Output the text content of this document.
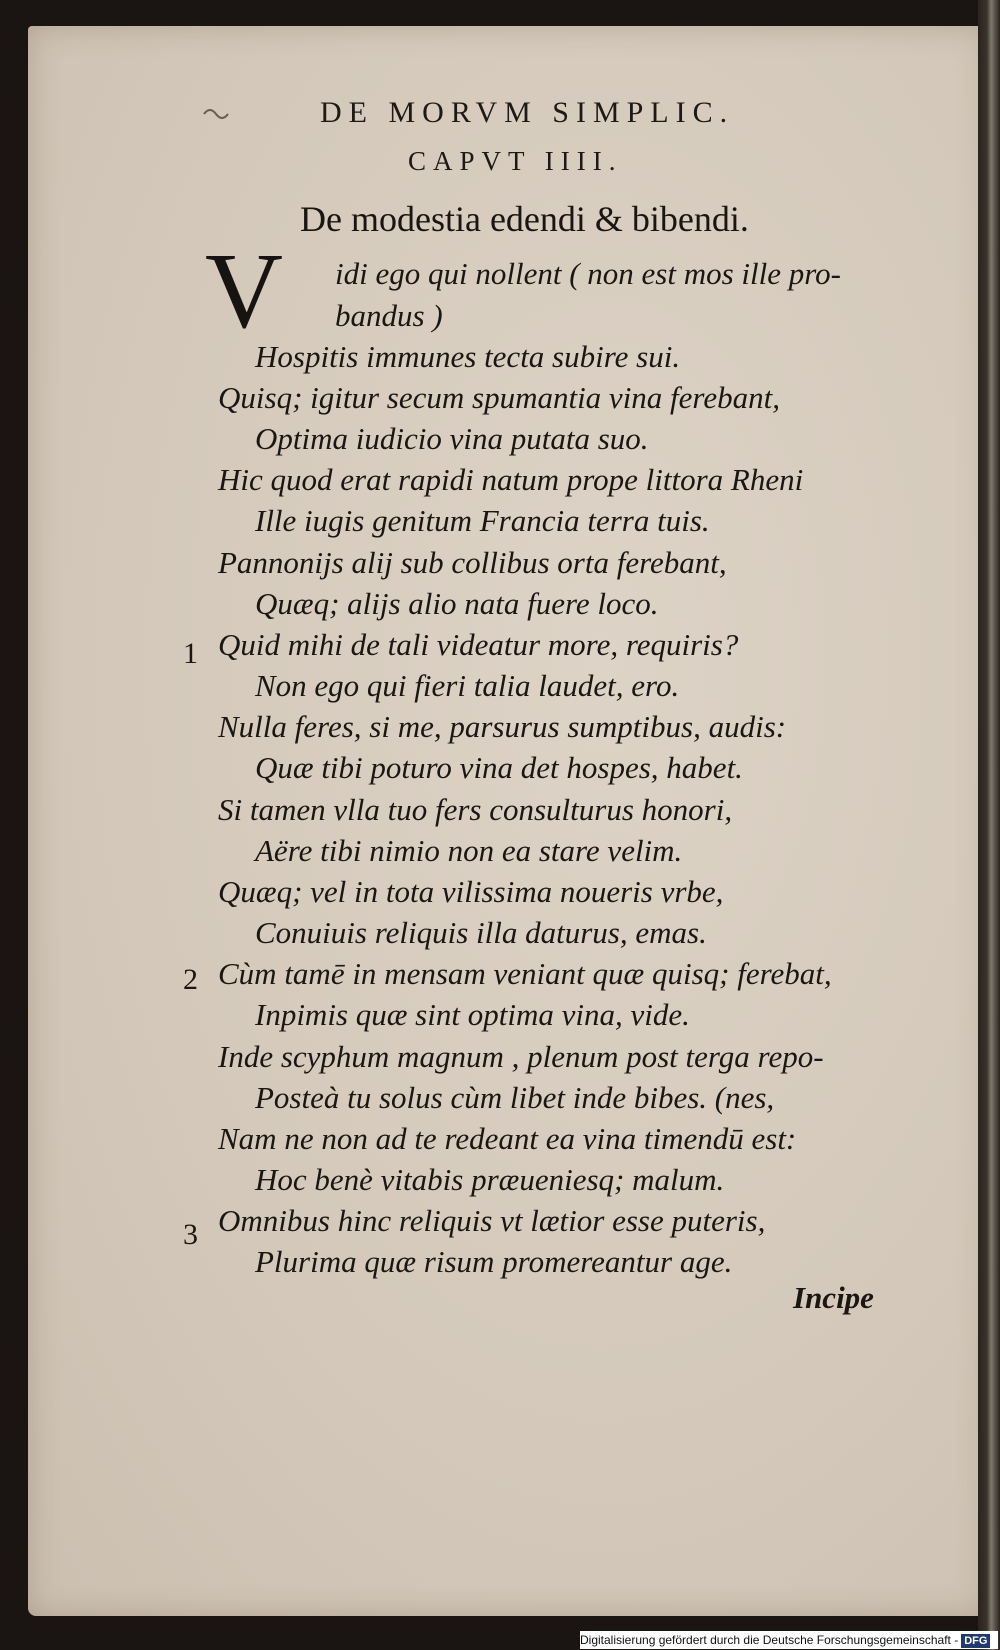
DE MORVM SIMPLIC.
CAPVT IIII.
De modestia edendi & bibendi.
V idi ego qui nollent ( non est mos ille pro-
bandus )
Hospitis immunes tecta subire sui.
Quisq; igitur secum spumantia vina ferebant,
Optima iudicio vina putata suo.
Hic quod erat rapidi natum prope littora Rheni
Ille iugis genitum Francia terra tuis.
Pannonijs alij sub collibus orta ferebant,
Quæq; alijs alio nata fuere loco.
Quid mihi de tali videatur more, requiris?
Non ego qui fieri talia laudet, ero.
Nulla feres, si me, parsurus sumptibus, audis:
Quæ tibi poturo vina det hospes, habet.
Si tamen vlla tuo fers consulturus honori,
Aëre tibi nimio non ea stare velim.
Quæq; vel in tota vilissima noueris vrbe,
Conuiuis reliquis illa daturus, emas.
Cùm tamē in mensam veniant quæ quisq; ferebat,
Inpimis quæ sint optima vina, vide.
Inde scyphum magnum , plenum post terga repo-
Posteà tu solus cùm libet inde bibes. (nes,
Nam ne non ad te redeant ea vina timendū est:
Hoc benè vitabis præueniesq; malum.
Omnibus hinc reliquis vt lætior esse puteris,
Plurima quæ risum promereantur age.
1
2
3
Incipe
Digitalisierung gefördert durch die Deutsche Forschungsgemeinschaft - DFG
